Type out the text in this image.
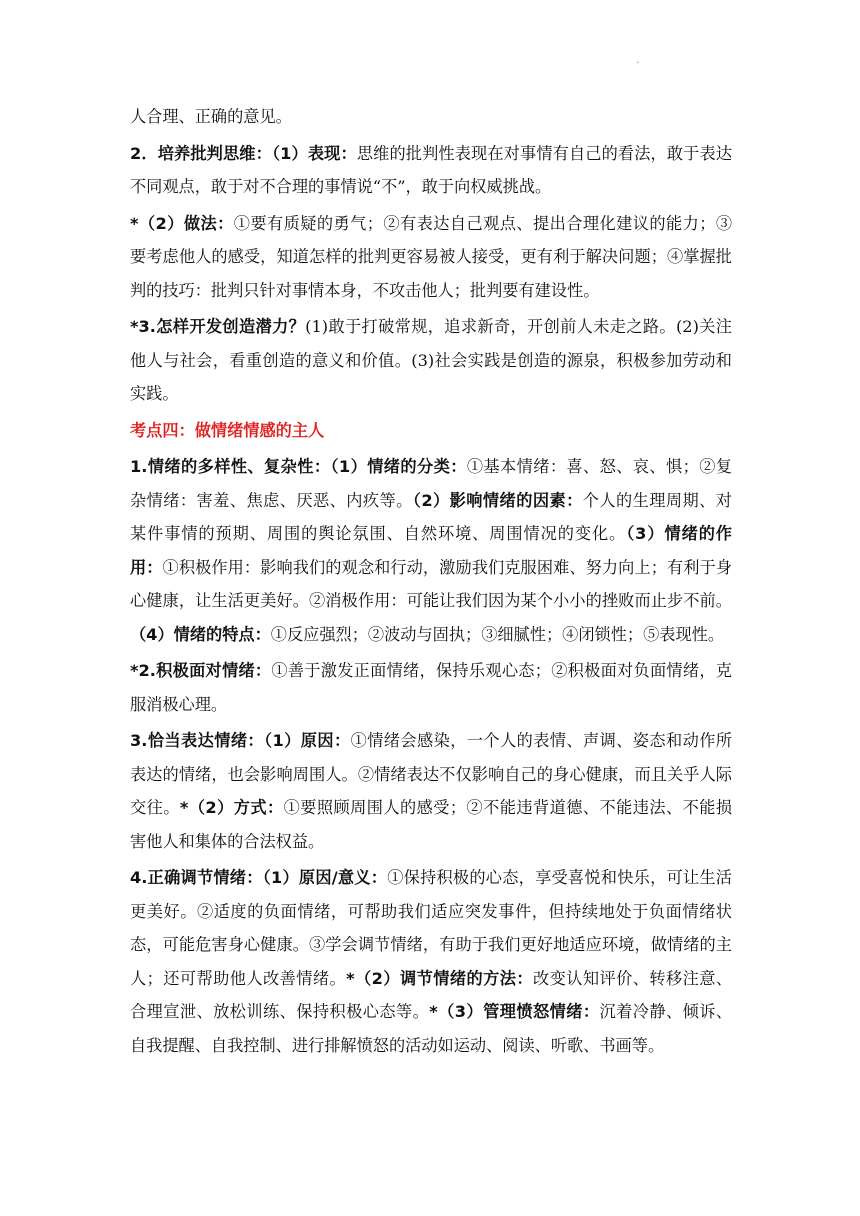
.

人合理、正确的意见。

2．培养批判思维：（1）表现：思维的批判性表现在对事情有自己的看法，敢于表达不同观点，敢于对不合理的事情说“不”，敢于向权威挑战。

*（2）做法：①要有质疑的勇气；②有表达自己观点、提出合理化建议的能力；③要考虑他人的感受，知道怎样的批判更容易被人接受，更有利于解决问题；④掌握批判的技巧：批判只针对事情本身，不攻击他人；批判要有建设性。

*3.怎样开发创造潜力？(1)敢于打破常规，追求新奇，开创前人未走之路。(2)关注他人与社会，看重创造的意义和价值。(3)社会实践是创造的源泉，积极参加劳动和实践。

考点四：做情绪情感的主人

1.情绪的多样性、复杂性：（1）情绪的分类：①基本情绪：喜、怒、哀、惧；②复杂情绪：害羞、焦虑、厌恶、内疚等。（2）影响情绪的因素：个人的生理周期、对某件事情的预期、周围的舆论氛围、自然环境、周围情况的变化。（3）情绪的作用：①积极作用：影响我们的观念和行动，激励我们克服困难、努力向上；有利于身心健康，让生活更美好。②消极作用：可能让我们因为某个小小的挫败而止步不前。（4）情绪的特点：①反应强烈；②波动与固执；③细腻性；④闭锁性；⑤表现性。

*2.积极面对情绪：①善于激发正面情绪，保持乐观心态；②积极面对负面情绪，克服消极心理。

3.恰当表达情绪：（1）原因：①情绪会感染，一个人的表情、声调、姿态和动作所表达的情绪，也会影响周围人。②情绪表达不仅影响自己的身心健康，而且关乎人际交往。*（2）方式：①要照顾周围人的感受；②不能违背道德、不能违法、不能损害他人和集体的合法权益。

4.正确调节情绪：（1）原因/意义：①保持积极的心态，享受喜悦和快乐，可让生活更美好。②适度的负面情绪，可帮助我们适应突发事件，但持续地处于负面情绪状态，可能危害身心健康。③学会调节情绪，有助于我们更好地适应环境，做情绪的主人；还可帮助他人改善情绪。*（2）调节情绪的方法：改变认知评价、转移注意、合理宣泄、放松训练、保持积极心态等。*（3）管理愤怒情绪：沉着冷静、倾诉、自我提醒、自我控制、进行排解愤怒的活动如运动、阅读、听歌、书画等。
